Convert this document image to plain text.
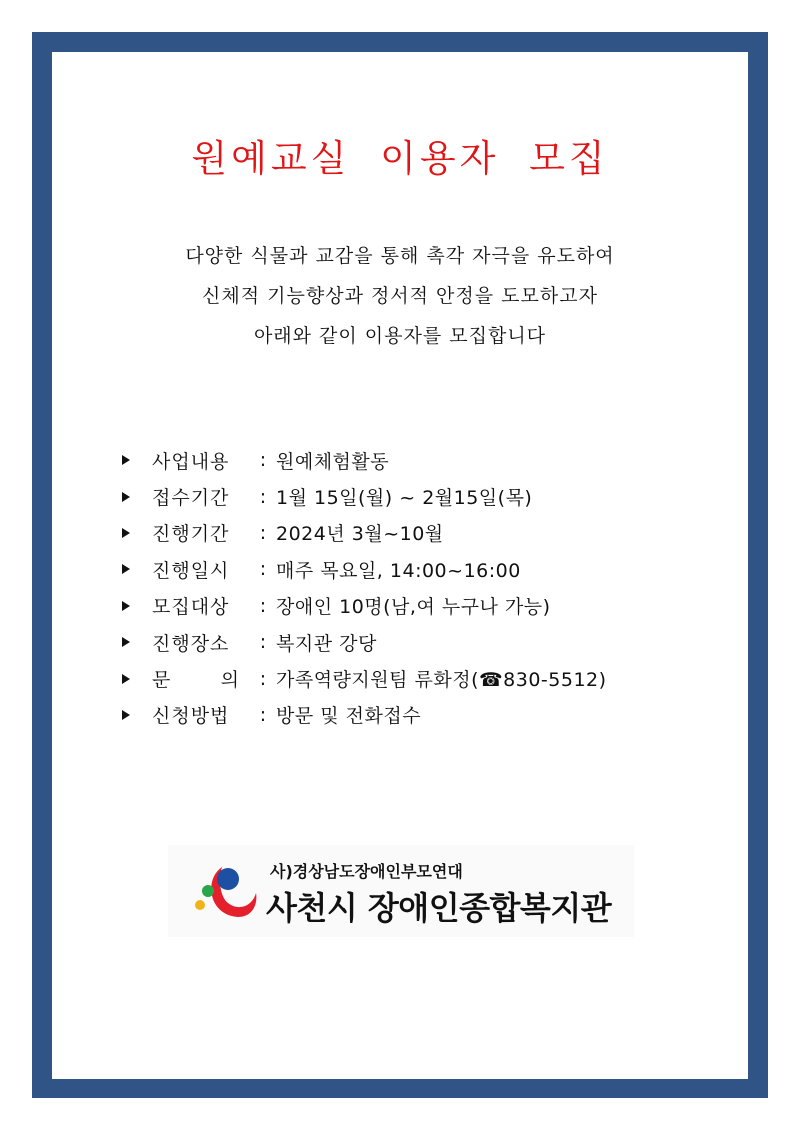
원예교실 이용자 모집
다양한 식물과 교감을 통해 촉각 자극을 유도하여
신체적 기능향상과 정서적 안정을 도모하고자
아래와 같이 이용자를 모집합니다
사업내용	: 원예체험활동
접수기간	: 1월 15일(월) ~ 2월15일(목)
진행기간	: 2024년 3월~10월
진행일시	: 매주 목요일, 14:00~16:00
모집대상	: 장애인 10명(남,여 누구나 가능)
진행장소	: 복지관 강당
문	의	: 가족역량지원팀 류화정(☎830-5512)
신청방법	: 방문 및 전화접수
사)경상남도장애인부모연대
사천시 장애인종합복지관
